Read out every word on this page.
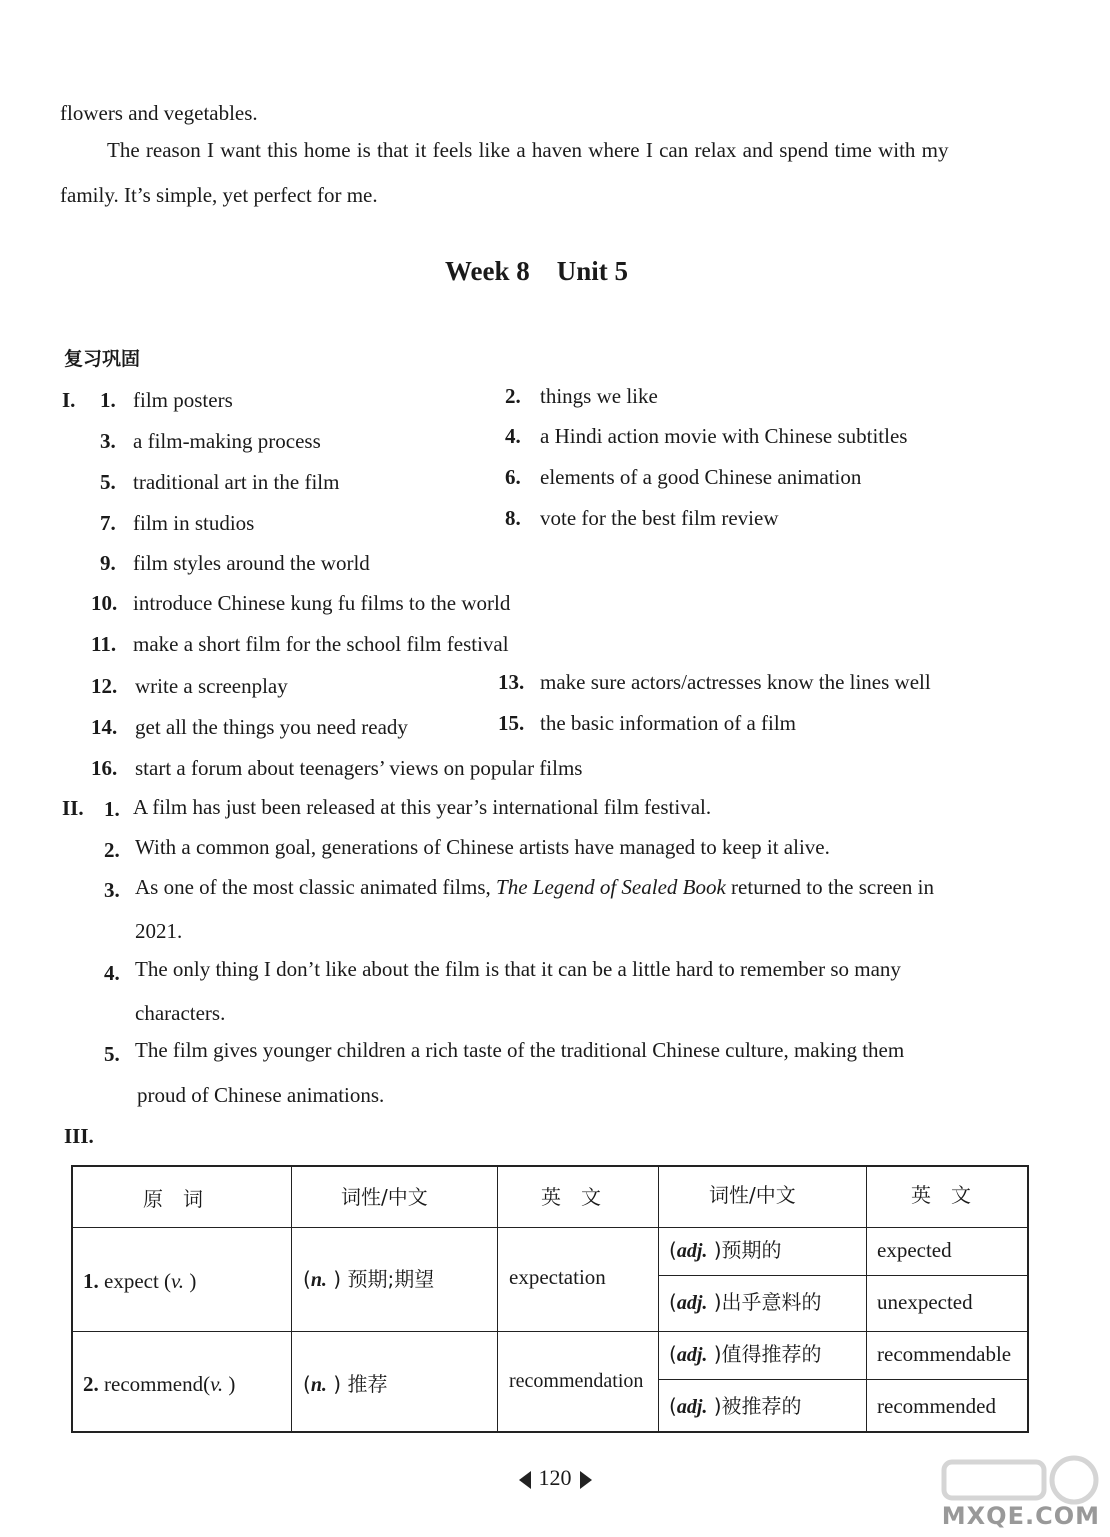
flowers and vegetables.
The reason I want this home is that it feels like a haven where I can relax and spend time with my
family. It’s simple, yet perfect for me.
Week 8    Unit 5
复习巩固
I. 1. film posters	2. things we like
3. a film-making process	4. a Hindi action movie with Chinese subtitles
5. traditional art in the film	6. elements of a good Chinese animation
7. film in studios	8. vote for the best film review
9. film styles around the world
10. introduce Chinese kung fu films to the world
11. make a short film for the school film festival
12. write a screenplay	13. make sure actors/actresses know the lines well
14. get all the things you need ready	15. the basic information of a film
16. start a forum about teenagers’ views on popular films
II. 1. A film has just been released at this year’s international film festival.
2. With a common goal, generations of Chinese artists have managed to keep it alive.
3. As one of the most classic animated films, The Legend of Sealed Book returned to the screen in
2021.
4. The only thing I don’t like about the film is that it can be a little hard to remember so many
characters.
5. The film gives younger children a rich taste of the traditional Chinese culture, making them
proud of Chinese animations.
III.
原　词	词性/中文	英　文	词性/中文	英　文
1. expect (v. )	(n. ) 预期;期望	expectation
(adj. )预期的	expected
(adj. )出乎意料的	unexpected
2. recommend(v. )	(n. ) 推荐	recommendation
(adj. )值得推荐的	recommendable
(adj. )被推荐的	recommended
120
MXQE.COM
